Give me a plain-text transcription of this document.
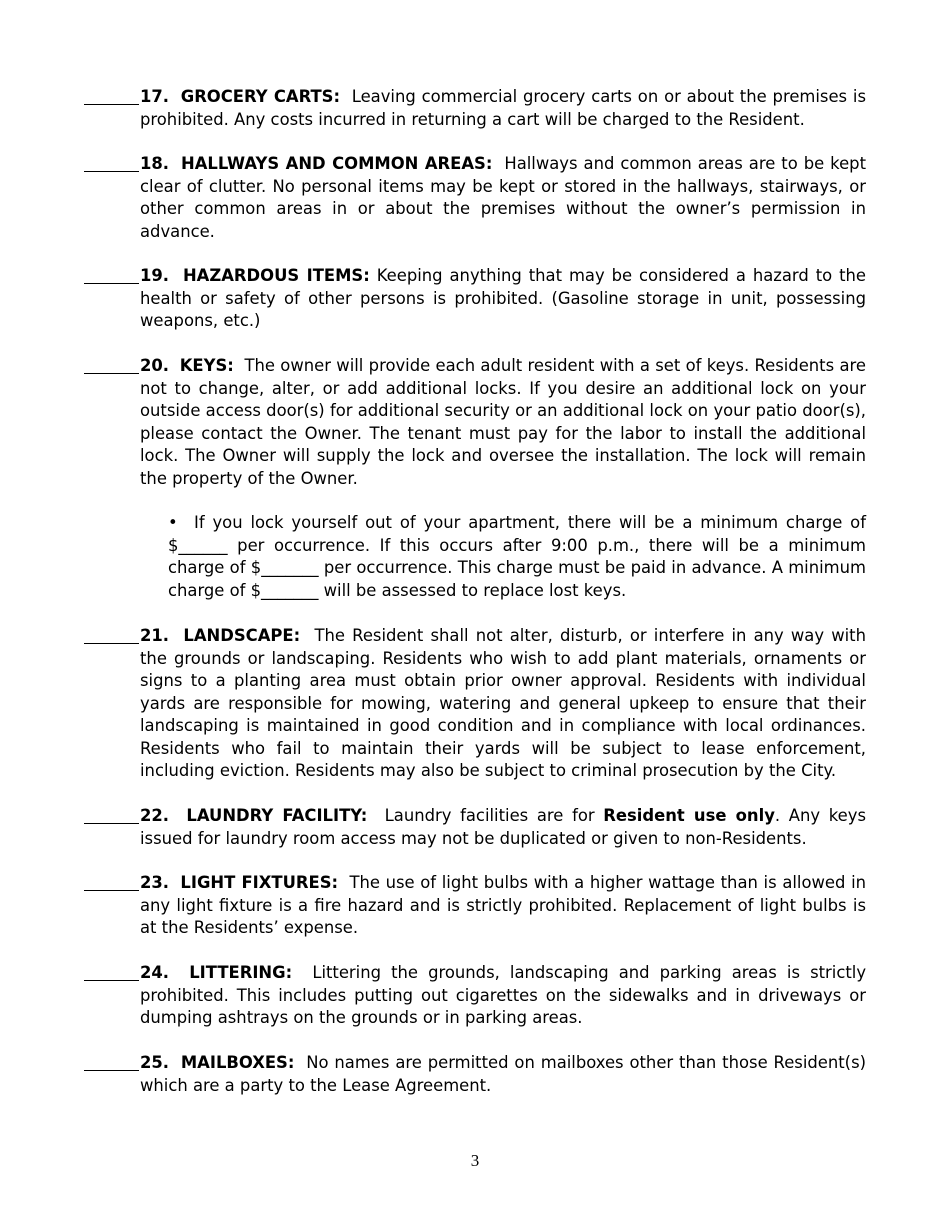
17. GROCERY CARTS: Leaving commercial grocery carts on or about the premises is prohibited. Any costs incurred in returning a cart will be charged to the Resident.
18. HALLWAYS AND COMMON AREAS: Hallways and common areas are to be kept clear of clutter. No personal items may be kept or stored in the hallways, stairways, or other common areas in or about the premises without the owner’s permission in advance.
19. HAZARDOUS ITEMS: Keeping anything that may be considered a hazard to the health or safety of other persons is prohibited. (Gasoline storage in unit, possessing weapons, etc.)
20. KEYS: The owner will provide each adult resident with a set of keys. Residents are not to change, alter, or add additional locks. If you desire an additional lock on your outside access door(s) for additional security or an additional lock on your patio door(s), please contact the Owner. The tenant must pay for the labor to install the additional lock. The Owner will supply the lock and oversee the installation. The lock will remain the property of the Owner.
• If you lock yourself out of your apartment, there will be a minimum charge of $______ per occurrence. If this occurs after 9:00 p.m., there will be a minimum charge of $_______ per occurrence. This charge must be paid in advance. A minimum charge of $_______ will be assessed to replace lost keys.
21. LANDSCAPE: The Resident shall not alter, disturb, or interfere in any way with the grounds or landscaping. Residents who wish to add plant materials, ornaments or signs to a planting area must obtain prior owner approval. Residents with individual yards are responsible for mowing, watering and general upkeep to ensure that their landscaping is maintained in good condition and in compliance with local ordinances. Residents who fail to maintain their yards will be subject to lease enforcement, including eviction. Residents may also be subject to criminal prosecution by the City.
22. LAUNDRY FACILITY: Laundry facilities are for Resident use only. Any keys issued for laundry room access may not be duplicated or given to non-Residents.
23. LIGHT FIXTURES: The use of light bulbs with a higher wattage than is allowed in any light fixture is a fire hazard and is strictly prohibited. Replacement of light bulbs is at the Residents’ expense.
24. LITTERING: Littering the grounds, landscaping and parking areas is strictly prohibited. This includes putting out cigarettes on the sidewalks and in driveways or dumping ashtrays on the grounds or in parking areas.
25. MAILBOXES: No names are permitted on mailboxes other than those Resident(s) which are a party to the Lease Agreement.
3
